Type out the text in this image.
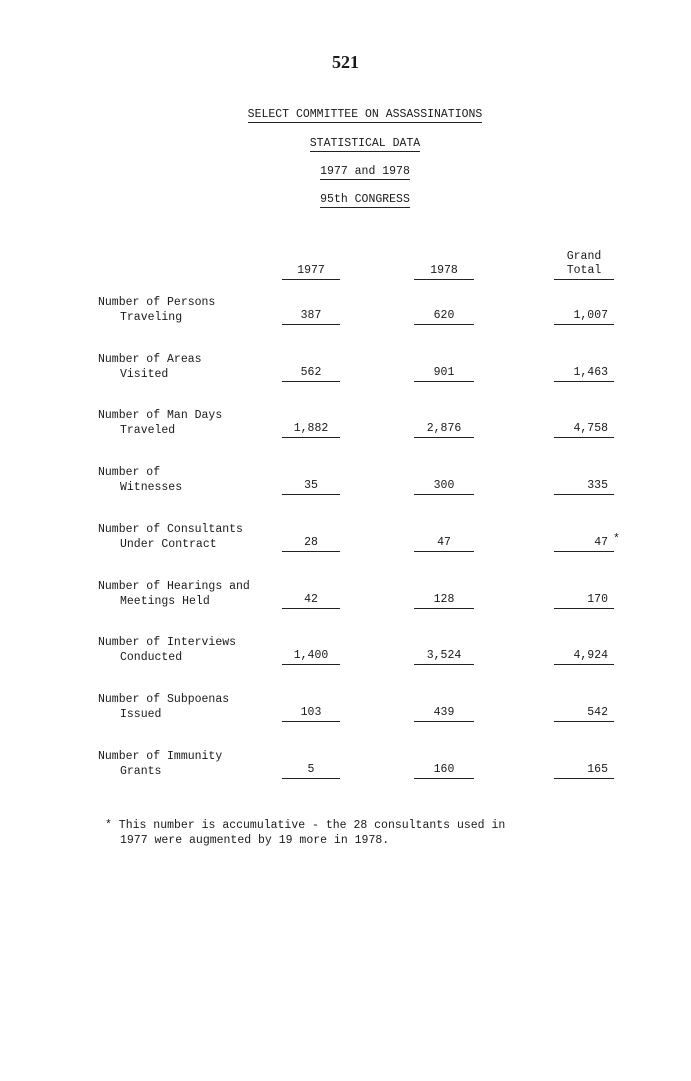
521
SELECT COMMITTEE ON ASSASSINATIONS
STATISTICAL DATA
1977 and 1978
95th CONGRESS
1977	1978
Grand
Total
Number of Persons
Traveling	387	620	1,007
Number of Areas
Visited	562	901	1,463
Number of Man Days
Traveled	1,882	2,876	4,758
Number of
Witnesses	35	300	335
Number of Consultants
Under Contract	28	47	47
Number of Hearings and
Meetings Held	42	128	170
Number of Interviews
Conducted	1,400	3,524	4,924
Number of Subpoenas
Issued	103	439	542
Number of Immunity
Grants	5	160	165
*
* This number is accumulative - the 28 consultants used in
1977 were augmented by 19 more in 1978.
